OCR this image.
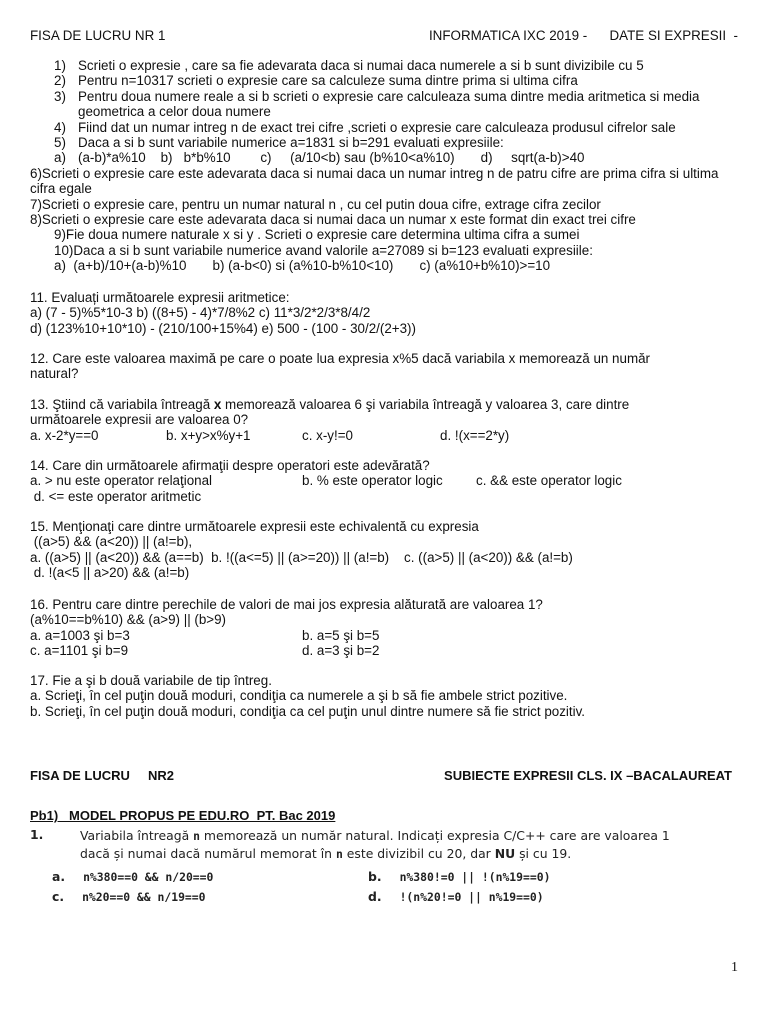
FISA DE LUCRU NR 1	INFORMATICA IXC 2019 -      DATE SI EXPRESII  -
1) Scrieti o expresie , care sa fie adevarata daca si numai daca numerele a si b sunt divizibile cu 5
2) Pentru n=10317 scrieti o expresie care sa calculeze suma dintre prima si ultima cifra
3) Pentru doua numere reale a si b scrieti o expresie care calculeaza suma dintre media aritmetica si media geometrica a celor doua numere
4) Fiind dat un numar intreg n de exact trei cifre ,scrieti o expresie care calculeaza produsul cifrelor sale
5) Daca a si b sunt variabile numerice a=1831 si b=291 evaluati expresiile:
a) (a-b)*a%10    b)   b*b%10        c)     (a/10<b) sau (b%10<a%10)       d)     sqrt(a-b)>40
6)Scrieti o expresie care este adevarata daca si numai daca un numar intreg n de patru cifre are prima cifra si ultima cifra egale
7)Scrieti o expresie care, pentru un numar natural n , cu cel putin doua cifre, extrage cifra zecilor
8)Scrieti o expresie care este adevarata daca si numai daca un numar x este format din exact trei cifre
9)Fie doua numere naturale x si y . Scrieti o expresie care determina ultima cifra a sumei
10)Daca a si b sunt variabile numerice avand valorile a=27089 si b=123 evaluati expresiile:
a)  (a+b)/10+(a-b)%10       b) (a-b<0) si (a%10-b%10<10)       c) (a%10+b%10)>=10
11. Evaluați următoarele expresii aritmetice:
a) (7 - 5)%5*10-3 b) ((8+5) - 4)*7/8%2 c) 11*3/2*2/3*8/4/2
d) (123%10+10*10) - (210/100+15%4) e) 500 - (100 - 30/2/(2+3))
12. Care este valoarea maximă pe care o poate lua expresia x%5 dacă variabila x memorează un număr
natural?
13. Ştiind că variabila întreagă x memorează valoarea 6 şi variabila întreagă y valoarea 3, care dintre
următoarele expresii are valoarea 0?

a. x-2*y==0

	b. x+y>x%y+1

	c. x-y!=0

	d. !(x==2*y)

14. Care din următoarele afirmaţii despre operatori este adevărată?

a. > nu este operator relaţional

	b. % este operator logic

c. && este operator logic

d. <= este operator aritmetic
15. Menţionaţi care dintre următoarele expresii este echivalentă cu expresia
((a>5) && (a<20)) || (a!=b),
a. ((a>5) || (a<20)) && (a==b)  b. !((a<=5) || (a>=20)) || (a!=b)    c. ((a>5) || (a<20)) && (a!=b)
d. !(a<5 || a>20) && (a!=b)
16. Pentru care dintre perechile de valori de mai jos expresia alăturată are valoarea 1?
(a%10==b%10) && (a>9) || (b>9)

a. a=1003 şi b=3

	b. a=5 şi b=5

c. a=1101 şi b=9

	d. a=3 şi b=2

17. Fie a şi b două variabile de tip întreg.
a. Scrieţi, în cel puţin două moduri, condiţia ca numerele a şi b să fie ambele strict pozitive.
b. Scrieţi, în cel puţin două moduri, condiţia ca cel puţin unul dintre numere să fie strict pozitiv.
FISA DE LUCRU     NR2	SUBIECTE EXPRESII CLS. IX –BACALAUREAT
Pb1)   MODEL PROPUS PE EDU.RO  PT. Bac 2019
1.	Variabila întreagă n memorează un număr natural. Indicați expresia C/C++ care are valoarea 1
dacă și numai dacă numărul memorat în n este divizibil cu 20, dar NU și cu 19.
a. n%380==0 && n/20==0	b. n%380!=0 || !(n%19==0)
c. n%20==0 && n/19==0	d. !(n%20!=0 || n%19==0)
1
